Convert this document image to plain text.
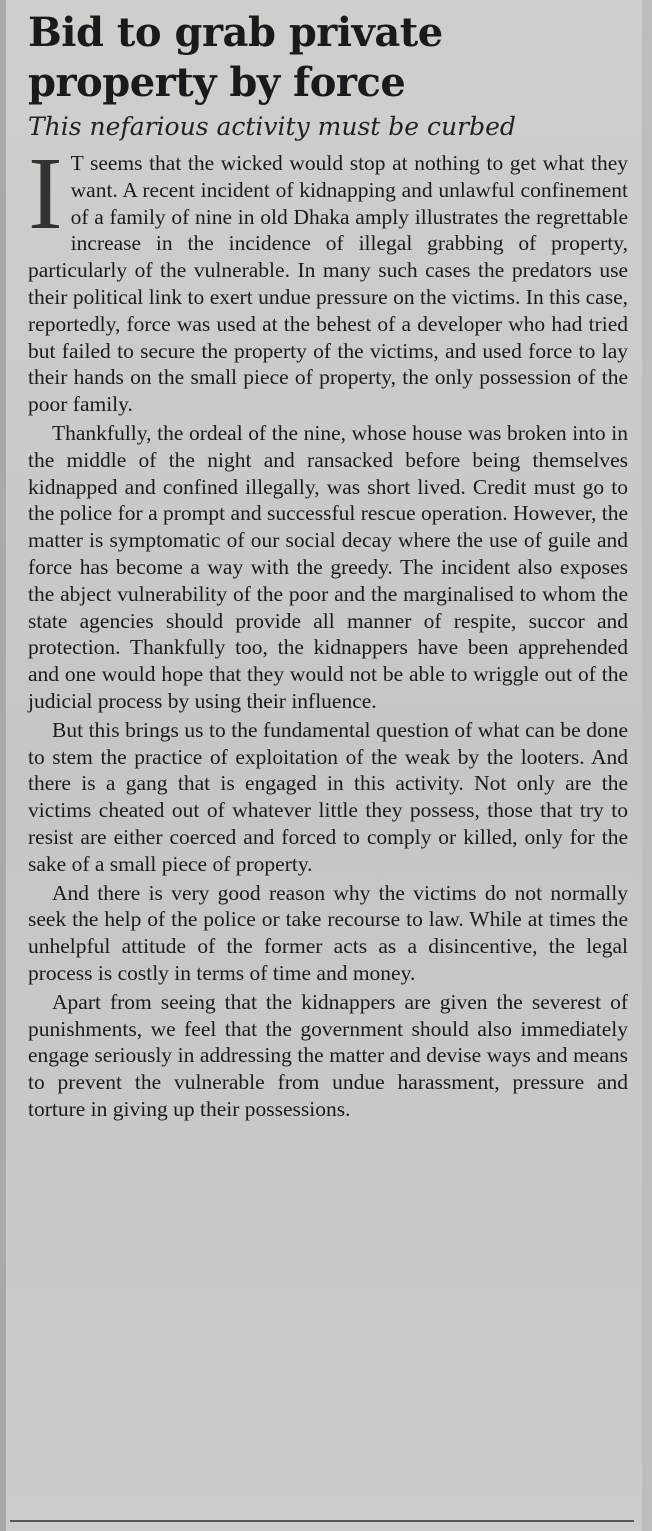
Bid to grab private property by force
This nefarious activity must be curbed

I T seems that the wicked would stop at nothing to get what they want. A recent incident of kidnapping and unlawful confinement of a family of nine in old Dhaka amply illustrates the regrettable increase in the incidence of illegal grabbing of property, particularly of the vulnerable. In many such cases the predators use their political link to exert undue pressure on the victims. In this case, reportedly, force was used at the behest of a developer who had tried but failed to secure the property of the victims, and used force to lay their hands on the small piece of property, the only possession of the poor family.

Thankfully, the ordeal of the nine, whose house was broken into in the middle of the night and ransacked before being themselves kidnapped and confined illegally, was short lived. Credit must go to the police for a prompt and successful rescue operation. However, the matter is symptomatic of our social decay where the use of guile and force has become a way with the greedy. The incident also exposes the abject vulnerability of the poor and the marginalised to whom the state agencies should provide all manner of respite, succor and protection. Thankfully too, the kidnappers have been apprehended and one would hope that they would not be able to wriggle out of the judicial process by using their influence.

But this brings us to the fundamental question of what can be done to stem the practice of exploitation of the weak by the looters. And there is a gang that is engaged in this activity. Not only are the victims cheated out of whatever little they possess, those that try to resist are either coerced and forced to comply or killed, only for the sake of a small piece of property.

And there is very good reason why the victims do not normally seek the help of the police or take recourse to law. While at times the unhelpful attitude of the former acts as a disincentive, the legal process is costly in terms of time and money.

Apart from seeing that the kidnappers are given the severest of punishments, we feel that the government should also immediately engage seriously in addressing the matter and devise ways and means to prevent the vulnerable from undue harassment, pressure and torture in giving up their possessions.
